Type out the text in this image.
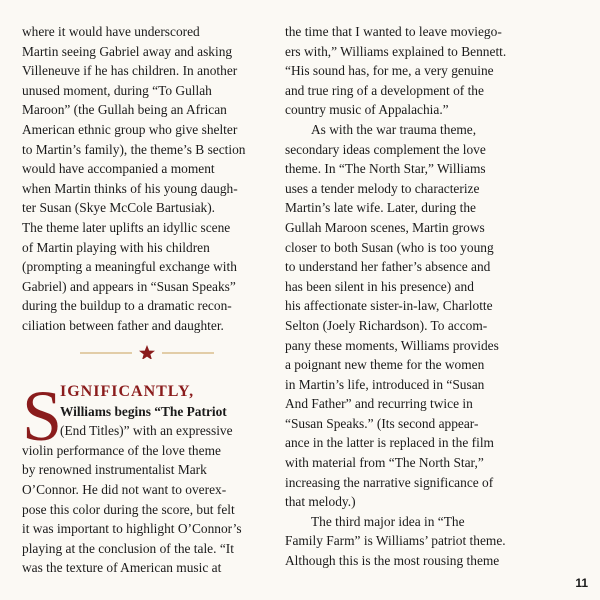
where it would have underscored
Martin seeing Gabriel away and asking
Villeneuve if he has children. In another
unused moment, during “To Gullah
Maroon” (the Gullah being an African
American ethnic group who give shelter
to Martin’s family), the theme’s B section
would have accompanied a moment
when Martin thinks of his young daugh-
ter Susan (Skye McCole Bartusiak).
The theme later uplifts an idyllic scene
of Martin playing with his children
(prompting a meaningful exchange with
Gabriel) and appears in “Susan Speaks”
during the buildup to a dramatic recon-
ciliation between father and daughter.
S
IGNIFICANTLY,
Williams begins “The Patriot
(End Titles)” with an expressive
violin performance of the love theme
by renowned instrumentalist Mark
O’Connor. He did not want to overex-
pose this color during the score, but felt
it was important to highlight O’Connor’s
playing at the conclusion of the tale. “It
was the texture of American music at
the time that I wanted to leave moviego-
ers with,” Williams explained to Bennett.
“His sound has, for me, a very genuine
and true ring of a development of the
country music of Appalachia.”
As with the war trauma theme,
secondary ideas complement the love
theme. In “The North Star,” Williams
uses a tender melody to characterize
Martin’s late wife. Later, during the
Gullah Maroon scenes, Martin grows
closer to both Susan (who is too young
to understand her father’s absence and
has been silent in his presence) and
his affectionate sister-in-law, Charlotte
Selton (Joely Richardson). To accom-
pany these moments, Williams provides
a poignant new theme for the women
in Martin’s life, introduced in “Susan
And Father” and recurring twice in
“Susan Speaks.” (Its second appear-
ance in the latter is replaced in the film
with material from “The North Star,”
increasing the narrative significance of
that melody.)
The third major idea in “The
Family Farm” is Williams’ patriot theme.
Although this is the most rousing theme
11
